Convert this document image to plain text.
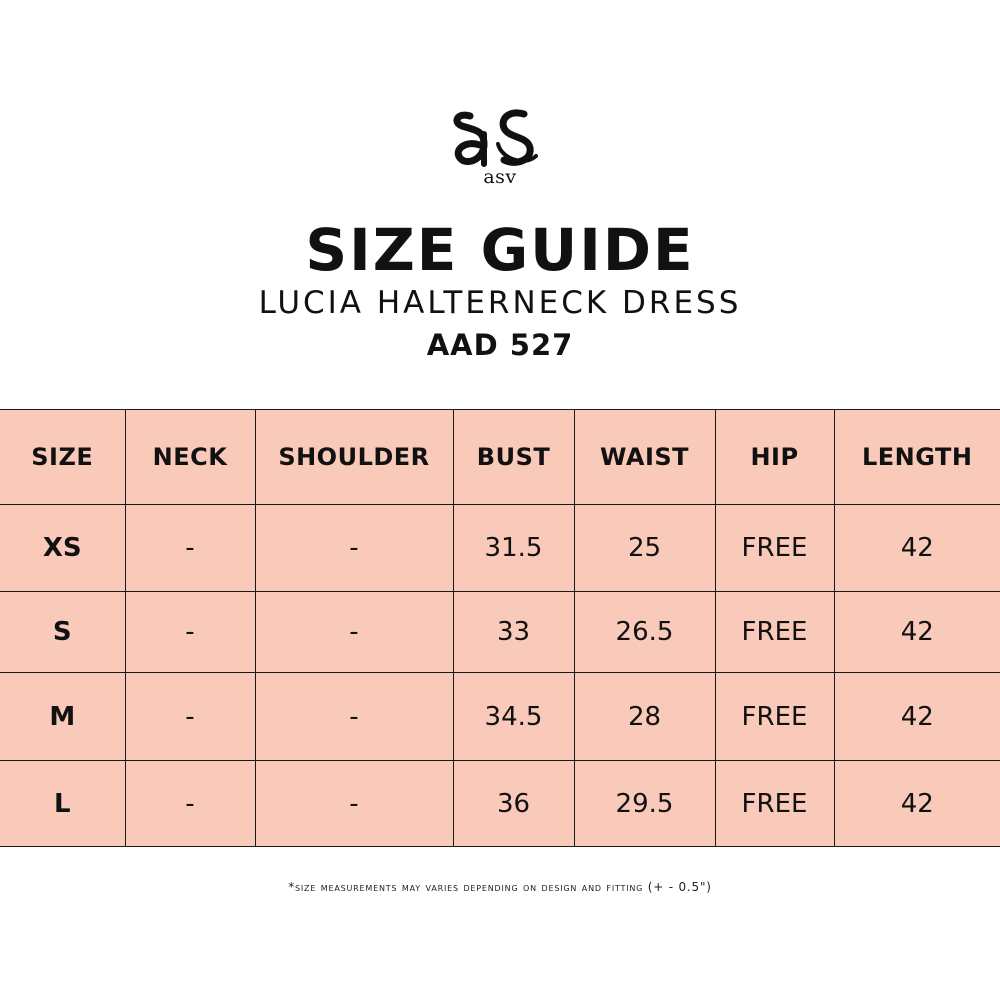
asv
SIZE GUIDE
LUCIA HALTERNECK DRESS
AAD 527
SIZE	NECK	SHOULDER	BUST	WAIST	HIP	LENGTH
XS	-	-	31.5	25	FREE	42
S	-	-	33	26.5	FREE	42
M	-	-	34.5	28	FREE	42
L	-	-	36	29.5	FREE	42
*size measurements may varies depending on design and fitting (+ - 0.5")
